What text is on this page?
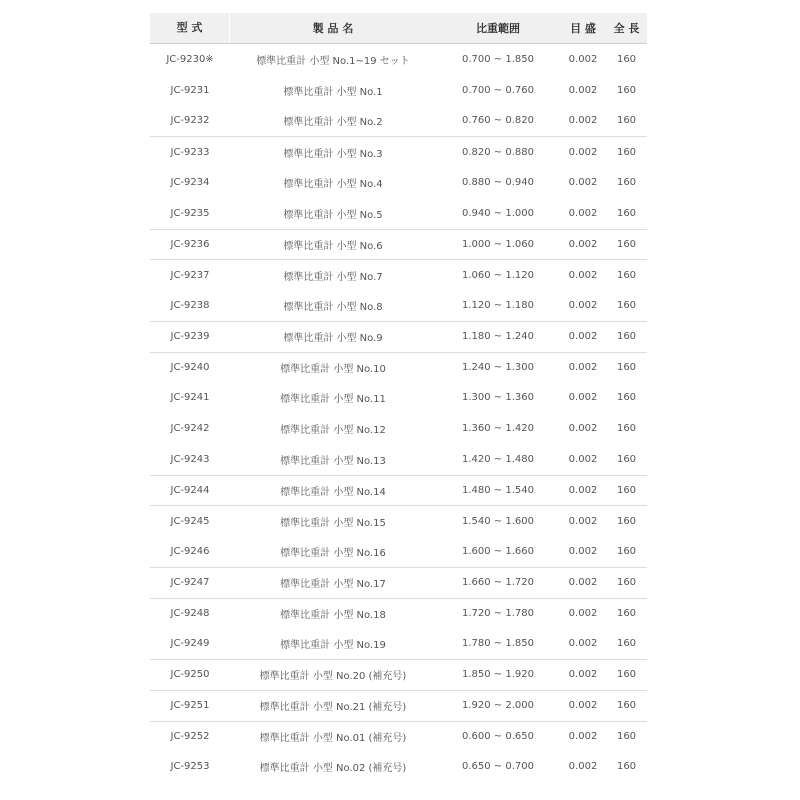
型 式	製 品 名	比重範囲	目 盛	全 長
JC-9230※	標準比重計 小型 No.1~19 セット	0.700 ~ 1.850	0.002	160
JC-9231	標準比重計 小型 No.1	0.700 ~ 0.760	0.002	160
JC-9232	標準比重計 小型 No.2	0.760 ~ 0.820	0.002	160
JC-9233	標準比重計 小型 No.3	0.820 ~ 0.880	0.002	160
JC-9234	標準比重計 小型 No.4	0.880 ~ 0.940	0.002	160
JC-9235	標準比重計 小型 No.5	0.940 ~ 1.000	0.002	160
JC-9236	標準比重計 小型 No.6	1.000 ~ 1.060	0.002	160
JC-9237	標準比重計 小型 No.7	1.060 ~ 1.120	0.002	160
JC-9238	標準比重計 小型 No.8	1.120 ~ 1.180	0.002	160
JC-9239	標準比重計 小型 No.9	1.180 ~ 1.240	0.002	160
JC-9240	標準比重計 小型 No.10	1.240 ~ 1.300	0.002	160
JC-9241	標準比重計 小型 No.11	1.300 ~ 1.360	0.002	160
JC-9242	標準比重計 小型 No.12	1.360 ~ 1.420	0.002	160
JC-9243	標準比重計 小型 No.13	1.420 ~ 1.480	0.002	160
JC-9244	標準比重計 小型 No.14	1.480 ~ 1.540	0.002	160
JC-9245	標準比重計 小型 No.15	1.540 ~ 1.600	0.002	160
JC-9246	標準比重計 小型 No.16	1.600 ~ 1.660	0.002	160
JC-9247	標準比重計 小型 No.17	1.660 ~ 1.720	0.002	160
JC-9248	標準比重計 小型 No.18	1.720 ~ 1.780	0.002	160
JC-9249	標準比重計 小型 No.19	1.780 ~ 1.850	0.002	160
JC-9250	標準比重計 小型 No.20 (補充号)	1.850 ~ 1.920	0.002	160
JC-9251	標準比重計 小型 No.21 (補充号)	1.920 ~ 2.000	0.002	160
JC-9252	標準比重計 小型 No.01 (補充号)	0.600 ~ 0.650	0.002	160
JC-9253	標準比重計 小型 No.02 (補充号)	0.650 ~ 0.700	0.002	160
